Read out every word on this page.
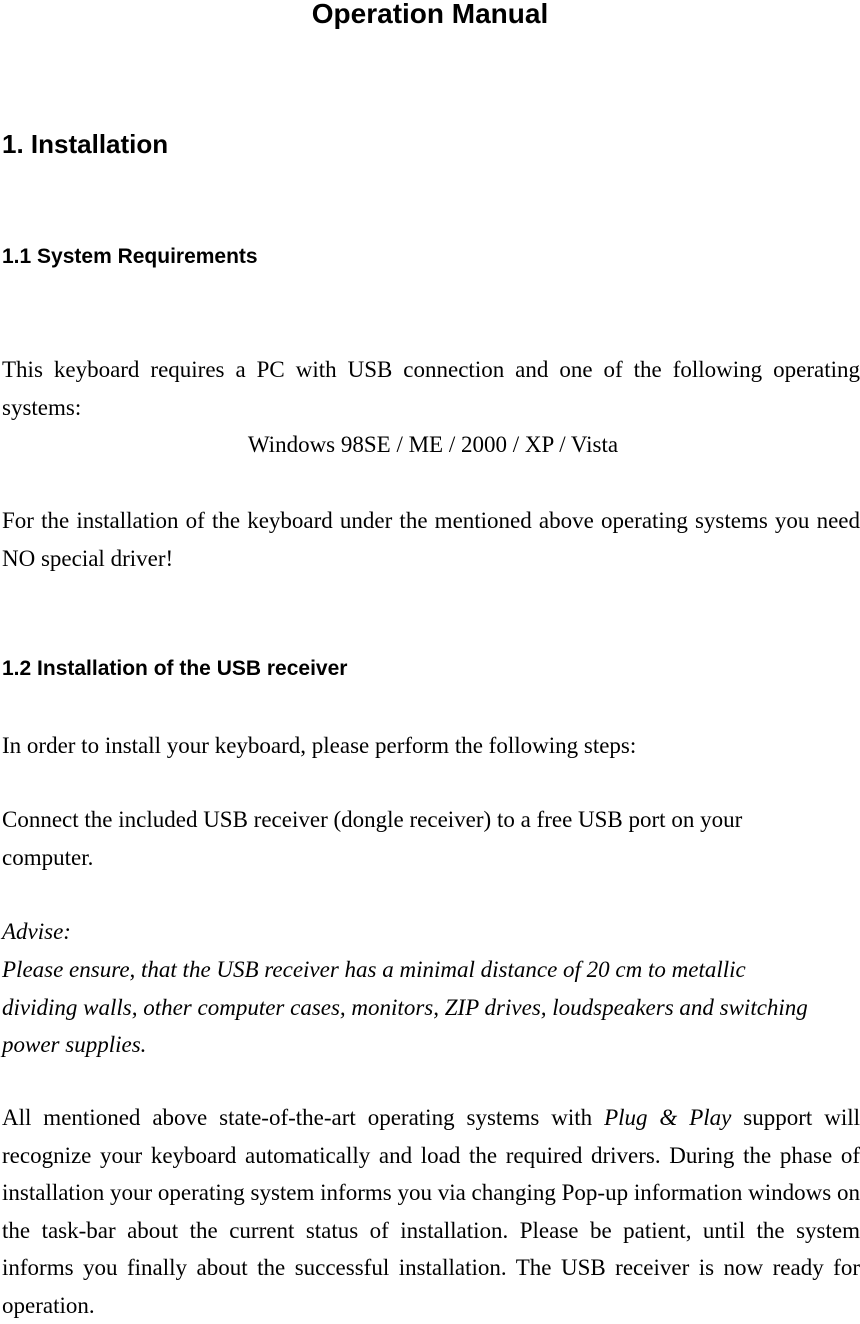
Operation Manual
1. Installation
1.1 System Requirements

This keyboard requires a PC with USB connection and one of the following operating systems:

Windows 98SE / ME / 2000 / XP / Vista

For the installation of the keyboard under the mentioned above operating systems you need NO special driver!

1.2 Installation of the USB receiver

In order to install your keyboard, please perform the following steps:

Connect the included USB receiver (dongle receiver) to a free USB port on your computer.

Advise:

Please ensure, that the USB receiver has a minimal distance of 20 cm to metallic dividing walls, other computer cases, monitors, ZIP drives, loudspeakers and switching power supplies.

All mentioned above state-of-the-art operating systems with Plug & Play support will recognize your keyboard automatically and load the required drivers. During the phase of installation your operating system informs you via changing Pop-up information windows on the task-bar about the current status of installation. Please be patient, until the system informs you finally about the successful installation. The USB receiver is now ready for operation.
